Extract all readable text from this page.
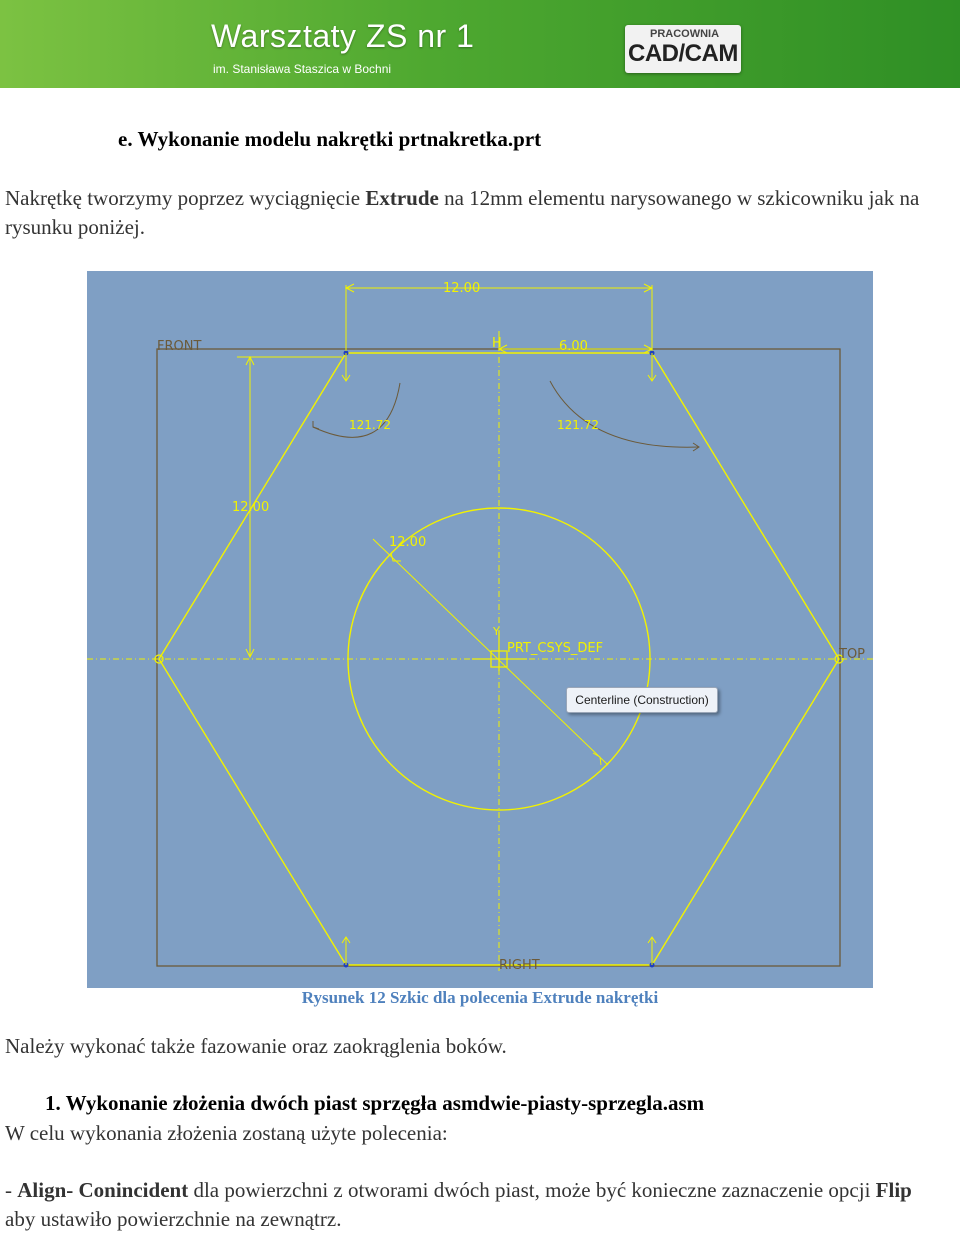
Warsztaty ZS nr 1
im. Stanisława Staszica w Bochni
PRACOWNIA
CAD/CAM
e. Wykonanie modelu nakrętki prtnakretka.prt
Nakrętkę tworzymy poprzez wyciągnięcie Extrude na 12mm elementu narysowanego w szkicowniku jak na rysunku poniżej.
12.00
6.00
H
FRONT
TOP
RIGHT
121.72	121.72
12.00
12.00
Y
PRT_CSYS_DEF
Centerline (Construction)
Rysunek 12 Szkic dla polecenia Extrude nakrętki
Należy wykonać także fazowanie oraz zaokrąglenia boków.
1. Wykonanie złożenia dwóch piast sprzęgła asmdwie-piasty-sprzegla.asm
W celu wykonania złożenia zostaną użyte polecenia:
- Align- Conincident dla powierzchni z otworami dwóch piast, może być konieczne zaznaczenie opcji Flip aby ustawiło powierzchnie na zewnątrz.
